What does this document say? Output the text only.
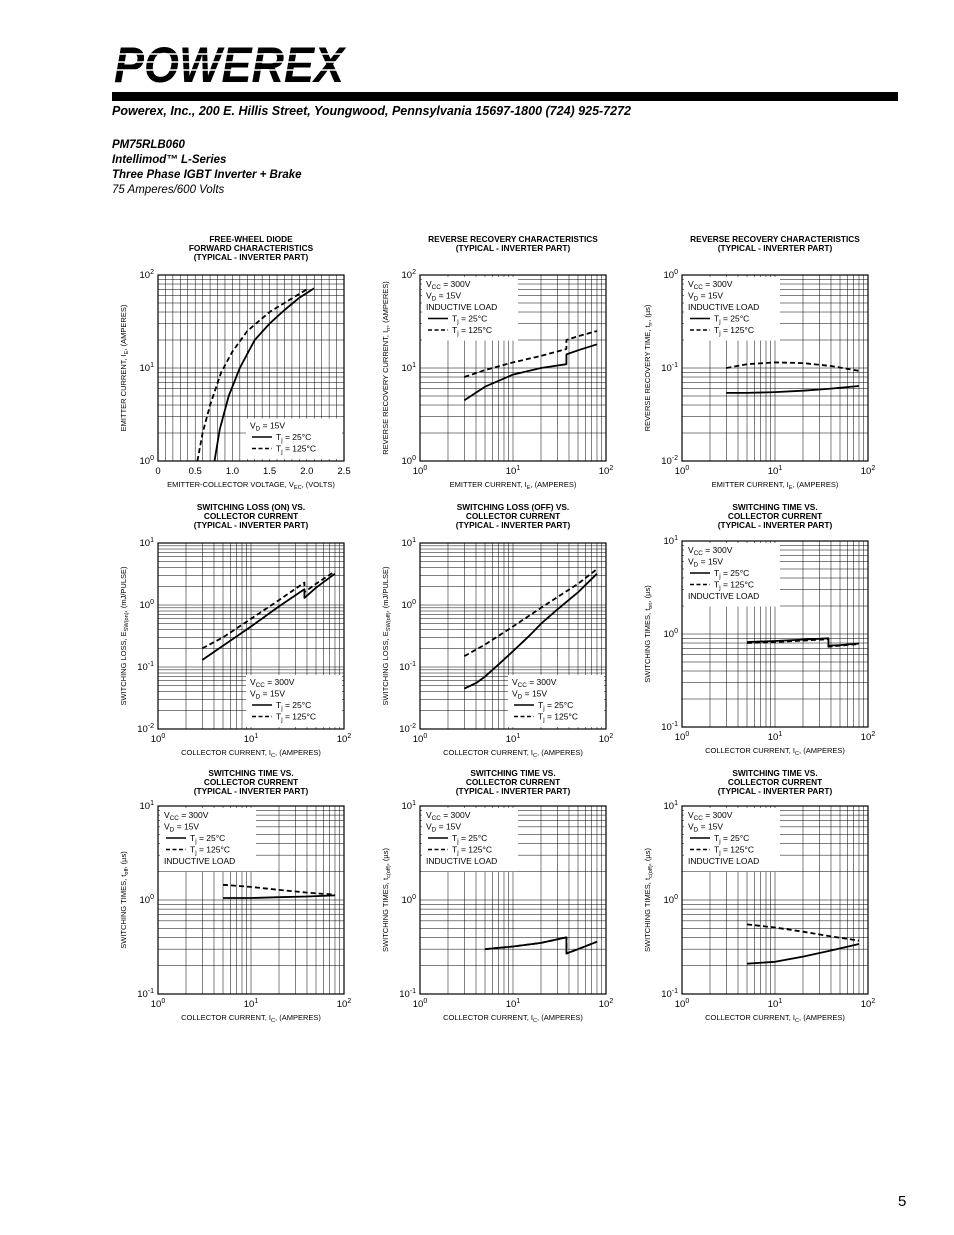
POWEREX
Powerex, Inc., 200 E. Hillis Street, Youngwood, Pennsylvania 15697-1800 (724) 925-7272
PM75RLB060
Intellimod™ L-Series
Three Phase IGBT Inverter + Brake
75 Amperes/600 Volts
FREE-WHEEL DIODE
FORWARD CHARACTERISTICS
(TYPICAL - INVERTER PART)
$10^0$
$10^1$
$10^2$
0	0.5	1.0	1.5	2.0	2.5
EMITTER-COLLECTOR VOLTAGE, $V_{EC}$, (VOLTS)
EMITTER CURRENT, $I_E$, (AMPERES)
$V_D = 15V$
$T_j = 25^\circ C$
$T_j = 125^\circ C$
REVERSE RECOVERY CHARACTERISTICS
(TYPICAL - INVERTER PART)
$10^0$
$10^1$
$10^2$
$10^0$	$10^1$	$10^2$
EMITTER CURRENT, $I_E$, (AMPERES)
REVERSE RECOVERY CURRENT, $I_{rr}$, (AMPERES)	$V_{CC} = 300V$
$V_D = 15V$
INDUCTIVE LOAD
$T_j = 25^\circ C$
$T_j = 125^\circ C$
REVERSE RECOVERY CHARACTERISTICS
(TYPICAL - INVERTER PART)
$10^{-2}$
$10^{-1}$
$10^0$
$10^0$	$10^1$	$10^2$
EMITTER CURRENT, $I_E$, (AMPERES)
REVERSE RECOVERY TIME, $t_{rr}$, (µs)
$V_{CC} = 300V$
$V_D = 15V$
INDUCTIVE LOAD
$T_j = 25^\circ C$
$T_j = 125^\circ C$
SWITCHING LOSS (ON) VS.
COLLECTOR CURRENT
(TYPICAL - INVERTER PART)
$10^{-2}$
$10^{-1}$
$10^0$
$10^1$
$10^0$	$10^1$	$10^2$
COLLECTOR CURRENT, $I_C$, (AMPERES)
SWITCHING LOSS, $E_{SW(on)}$, (mJ/PULSE)
$V_{CC} = 300V$
$V_D = 15V$
$T_j = 25^\circ C$
$T_j = 125^\circ C$
SWITCHING LOSS (OFF) VS.
COLLECTOR CURRENT
(TYPICAL - INVERTER PART)
$10^{-2}$
$10^{-1}$
$10^0$
$10^1$
$10^0$	$10^1$	$10^2$
COLLECTOR CURRENT, $I_C$, (AMPERES)
SWITCHING LOSS, $E_{SW(off)}$, (mJ/PULSE)
$V_{CC} = 300V$
$V_D = 15V$
$T_j = 25^\circ C$
$T_j = 125^\circ C$
SWITCHING TIME VS.
COLLECTOR CURRENT
(TYPICAL - INVERTER PART)
$10^{-1}$
$10^0$
$10^1$
$10^0$	$10^1$	$10^2$
COLLECTOR CURRENT, $I_C$, (AMPERES)
SWITCHING TIMES, $t_{on}$, (µs)
$V_{CC} = 300V$
$V_D = 15V$
$T_j = 25^\circ C$
$T_j = 125^\circ C$
INDUCTIVE LOAD
SWITCHING TIME VS.
COLLECTOR CURRENT
(TYPICAL - INVERTER PART)
$10^{-1}$
$10^0$
$10^1$
$10^0$	$10^1$	$10^2$
COLLECTOR CURRENT, $I_C$, (AMPERES)
SWITCHING TIMES, $t_{off}$, (µs)
$V_{CC} = 300V$
$V_D = 15V$
$T_j = 25^\circ C$
$T_j = 125^\circ C$
INDUCTIVE LOAD
SWITCHING TIME VS.
COLLECTOR CURRENT
(TYPICAL - INVERTER PART)
$10^{-1}$
$10^0$
$10^1$
$10^0$	$10^1$	$10^2$
COLLECTOR CURRENT, $I_C$, (AMPERES)
SWITCHING TIMES, $t_{c(off)}$, (µs)
$V_{CC} = 300V$
$V_D = 15V$
$T_j = 25^\circ C$
$T_j = 125^\circ C$
INDUCTIVE LOAD
SWITCHING TIME VS.
COLLECTOR CURRENT
(TYPICAL - INVERTER PART)
$10^{-1}$
$10^0$
$10^1$
$10^0$	$10^1$	$10^2$
COLLECTOR CURRENT, $I_C$, (AMPERES)
SWITCHING TIMES, $t_{c(off)}$, (µs)
$V_{CC} = 300V$
$V_D = 15V$
$T_j = 25^\circ C$
$T_j = 125^\circ C$
INDUCTIVE LOAD
5
